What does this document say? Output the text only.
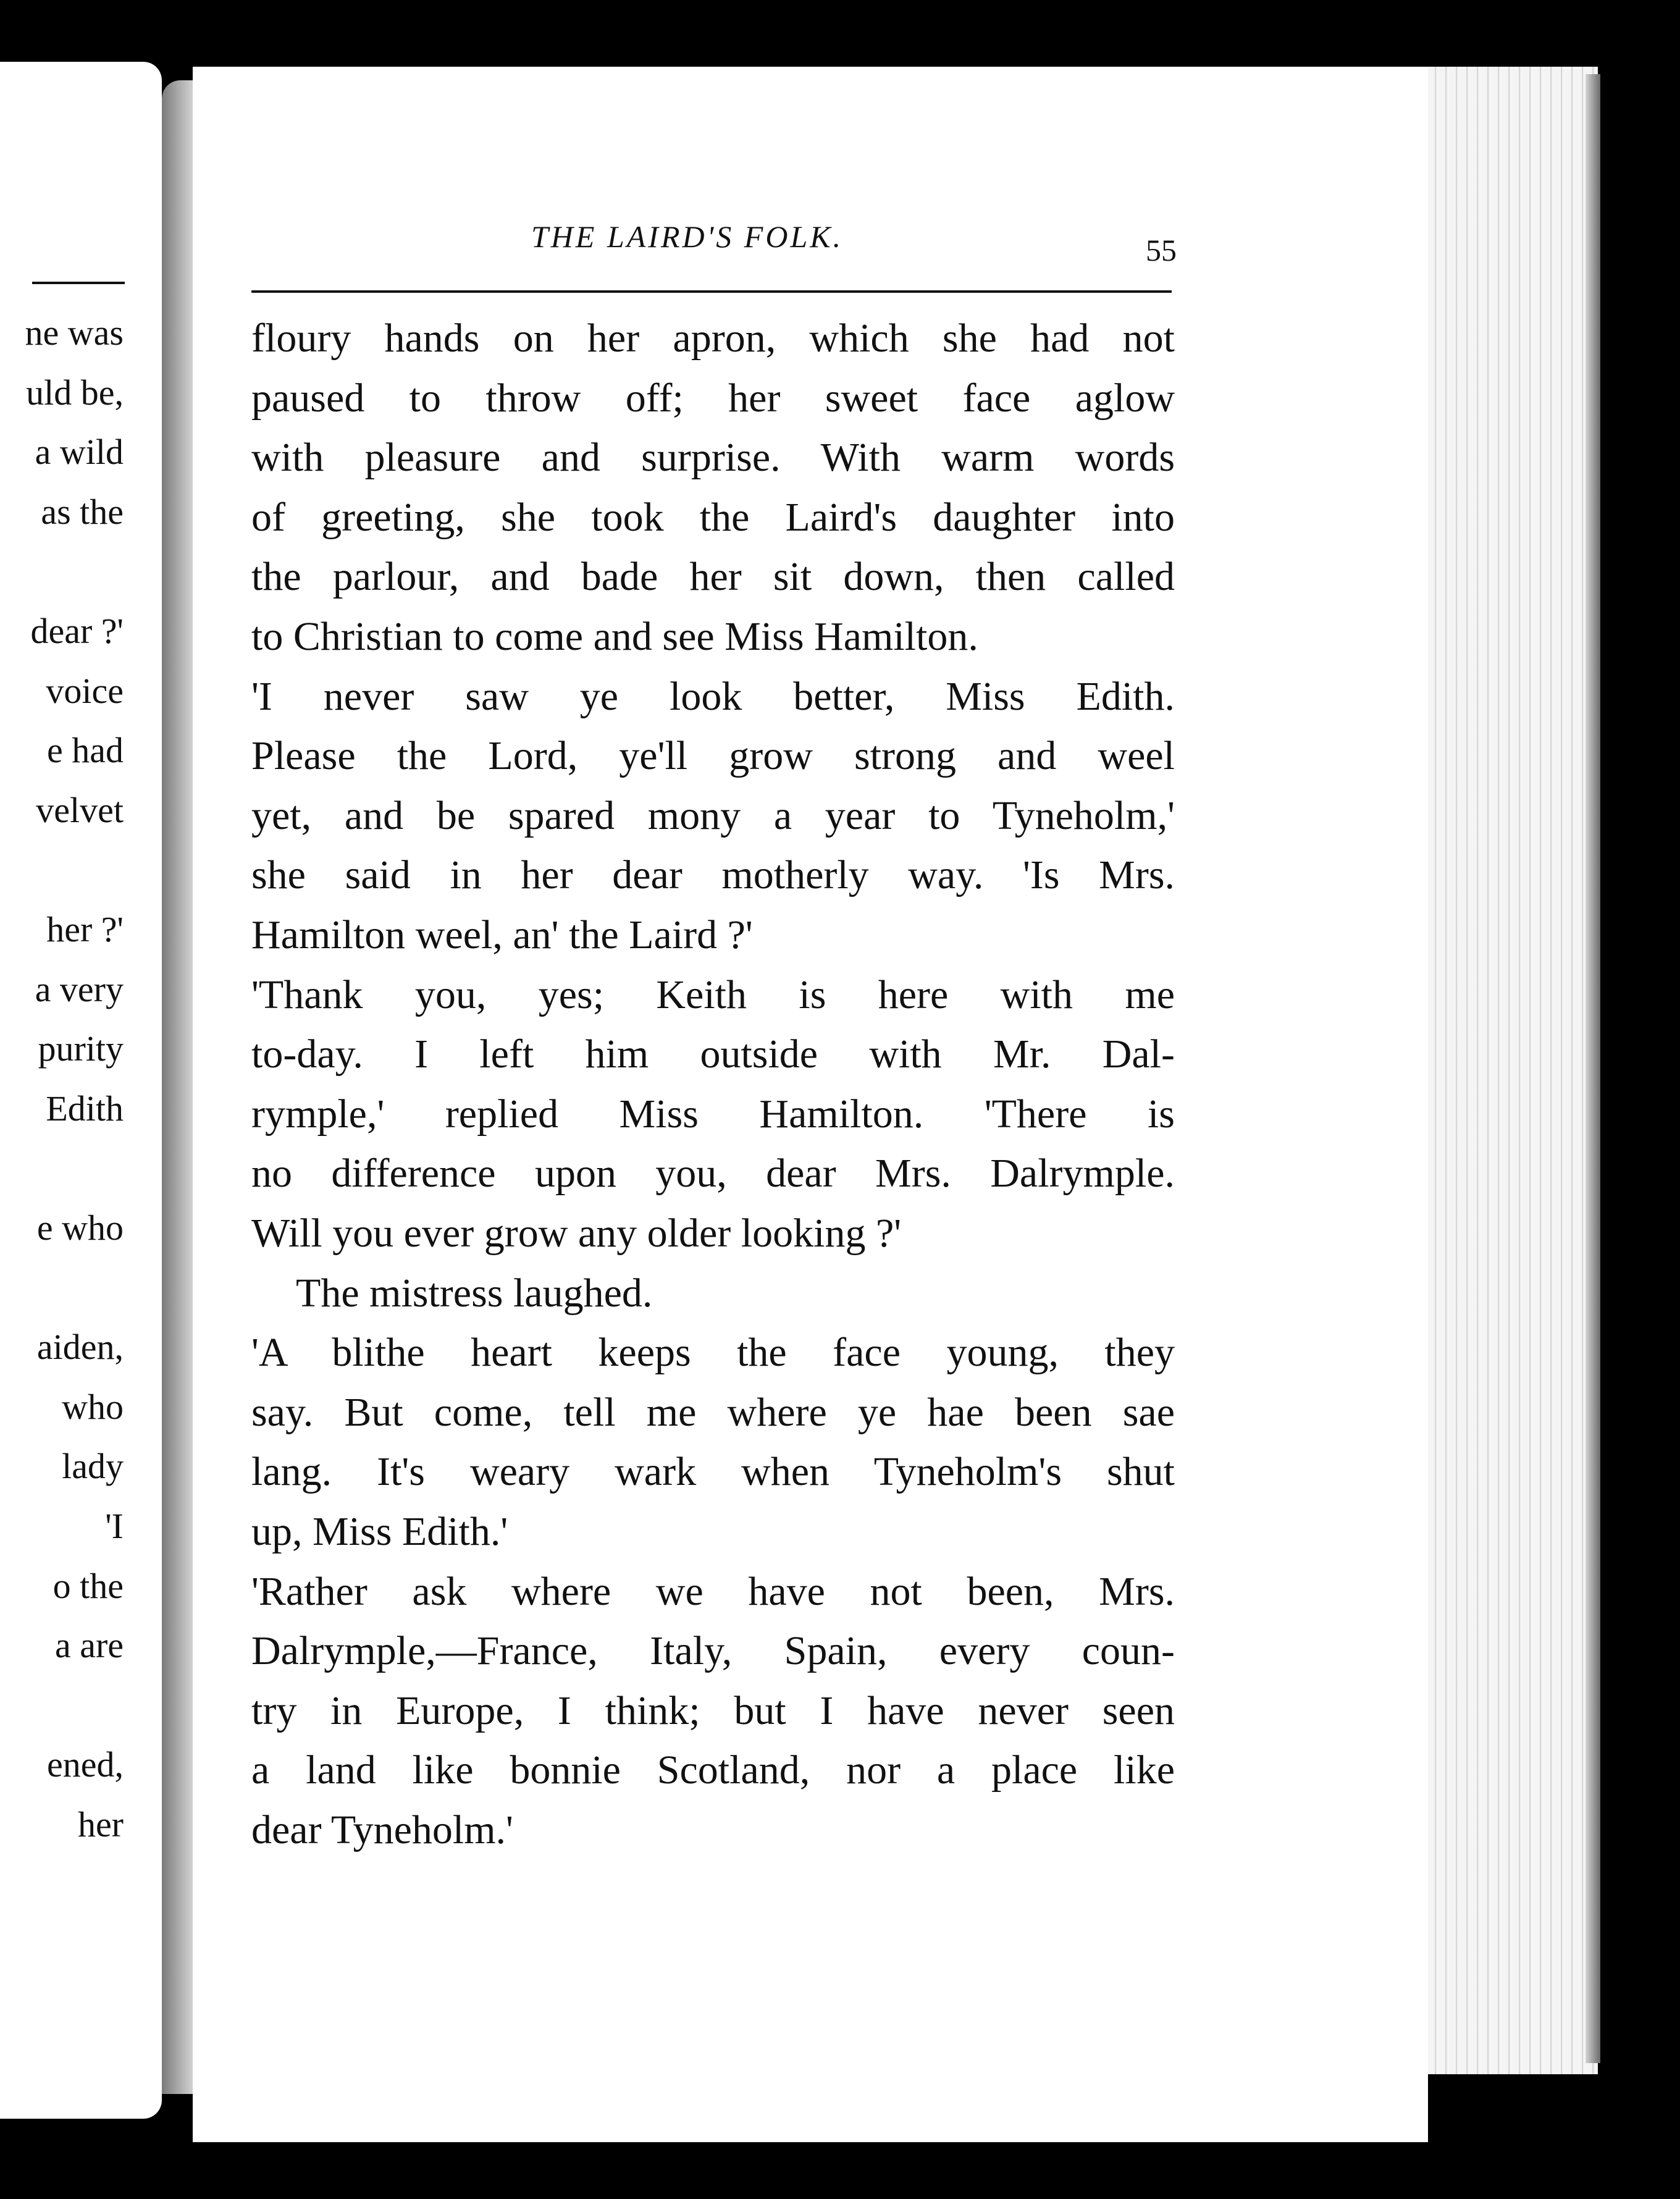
ne was
uld be,
a wild
as the
dear ?'
voice
e had
velvet
her ?'
a very
purity
Edith
e who
aiden,
who
lady
'I
o the
a are
ened,
her
THE LAIRD'S FOLK.	55
floury hands on her apron, which she had not
paused to throw off; her sweet face aglow
with pleasure and surprise. With warm words
of greeting, she took the Laird's daughter into
the parlour, and bade her sit down, then called
to Christian to come and see Miss Hamilton.
'I never saw ye look better, Miss Edith.
Please the Lord, ye'll grow strong and weel
yet, and be spared mony a year to Tyneholm,'
she said in her dear motherly way. 'Is Mrs.
Hamilton weel, an' the Laird ?'
'Thank you, yes; Keith is here with me
to-day. I left him outside with Mr. Dal-
rymple,' replied Miss Hamilton. 'There is
no difference upon you, dear Mrs. Dalrymple.
Will you ever grow any older looking ?'
The mistress laughed.
'A blithe heart keeps the face young, they
say. But come, tell me where ye hae been sae
lang. It's weary wark when Tyneholm's shut
up, Miss Edith.'
'Rather ask where we have not been, Mrs.
Dalrymple,—France, Italy, Spain, every coun-
try in Europe, I think; but I have never seen
a land like bonnie Scotland, nor a place like
dear Tyneholm.'
